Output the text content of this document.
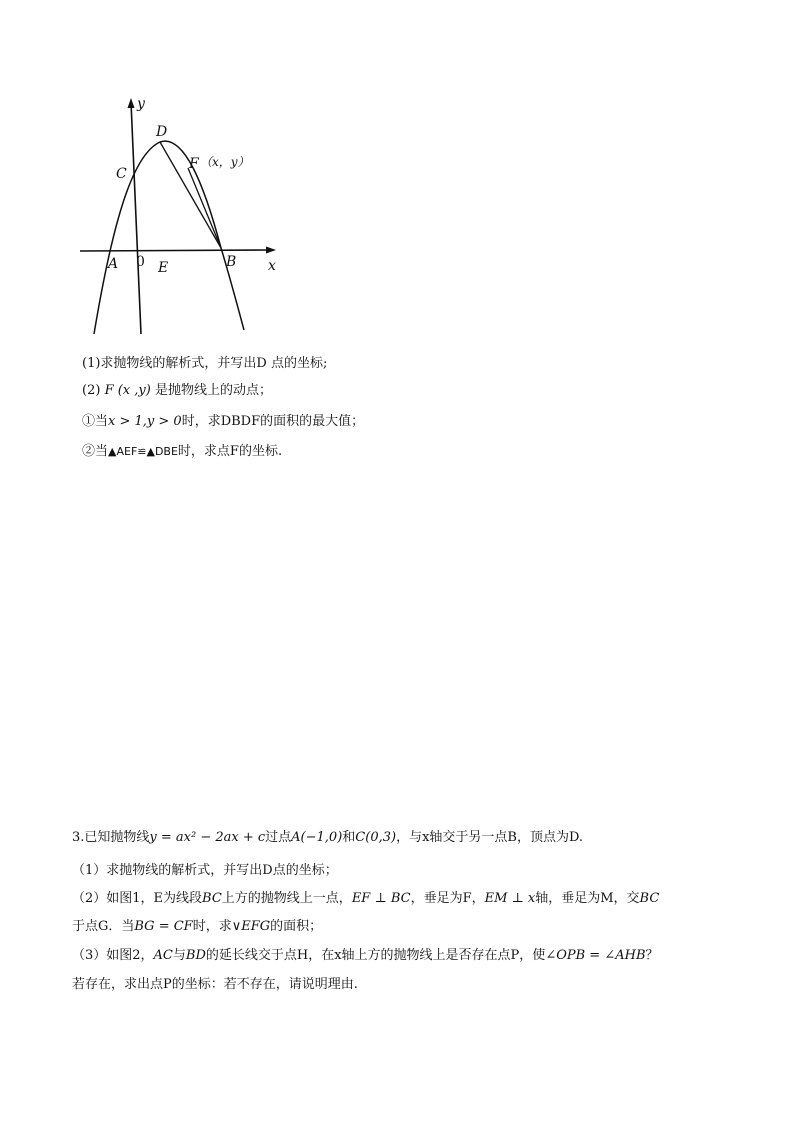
y
D
C
F （x，y）
A 0 E	B x
(1)求抛物线的解析式，并写出D 点的坐标;
(2) F (x ,y) 是抛物线上的动点；
①当x > 1,y > 0时，求DBDF的面积的最大值；
②当▲AEF≌▲DBE时，求点F的坐标.
3.已知抛物线y = ax² − 2ax + c过点A(−1,0)和C(0,3)，与x轴交于另一点B，顶点为D.
（1）求抛物线的解析式，并写出D点的坐标；
（2）如图1，E为线段BC上方的抛物线上一点，EF ⊥ BC，垂足为F，EM ⊥ x轴，垂足为M，交BC
于点G．当BG = CF时，求∨EFG的面积；
（3）如图2，AC与BD的延长线交于点H，在x轴上方的抛物线上是否存在点P，使∠OPB = ∠AHB？
若存在，求出点P的坐标：若不存在，请说明理由.
